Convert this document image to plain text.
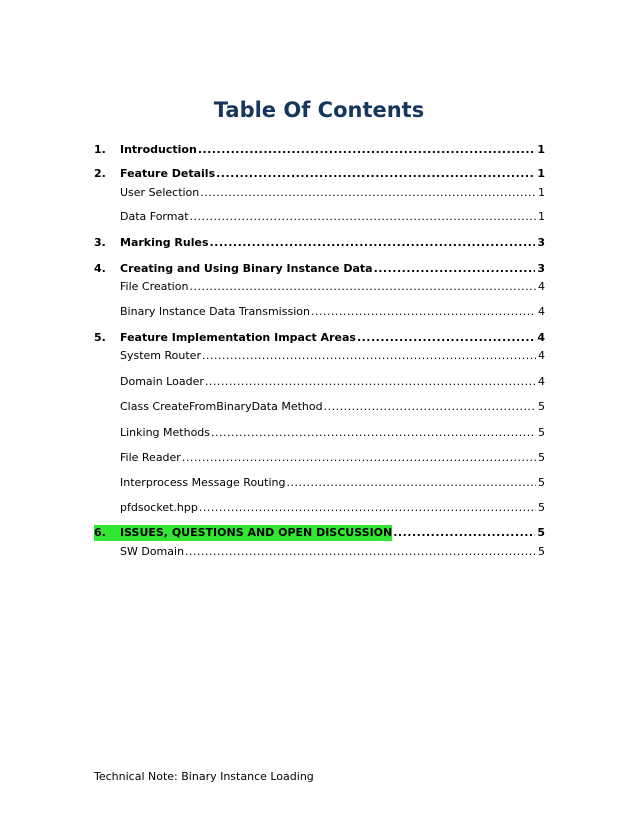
Table Of Contents
1.	Introduction .....	1
2.	Feature Details .....	1
User Selection .....	1
Data Format .....	1
3.	Marking Rules .....	3
4.	Creating and Using Binary Instance Data .....	3
File Creation .....	4
Binary Instance Data Transmission .....	4
5.	Feature Implementation Impact Areas .....	4
System Router .....	4
Domain Loader .....	4
Class CreateFromBinaryData Method .....	5
Linking Methods .....	5
File Reader .....	5
Interprocess Message Routing .....	5
pfdsocket.hpp .....	5
6.	ISSUES, QUESTIONS AND OPEN DISCUSSION .....	5
SW Domain .....	5
Technical Note: Binary Instance Loading
